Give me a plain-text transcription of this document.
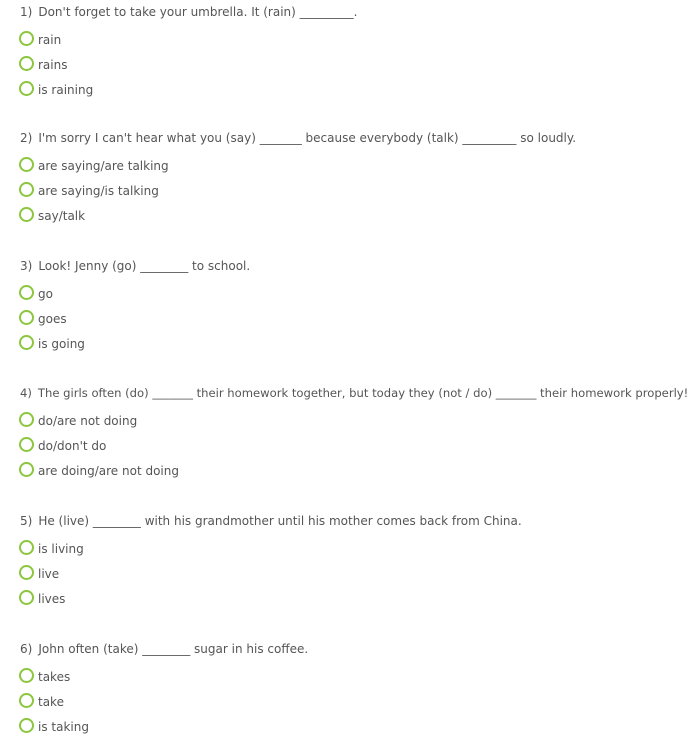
1) Don't forget to take your umbrella. It (rain) _________.
rain
rains
is raining
2) I'm sorry I can't hear what you (say) _______ because everybody (talk) _________ so loudly.
are saying/are talking
are saying/is talking
say/talk
3) Look! Jenny (go) ________ to school.
go
goes
is going
4) The girls often (do) _______ their homework together, but today they (not / do) _______ their homework properly!
do/are not doing
do/don't do
are doing/are not doing
5) He (live) ________ with his grandmother until his mother comes back from China.
is living
live
lives
6) John often (take) ________ sugar in his coffee.
takes
take
is taking
